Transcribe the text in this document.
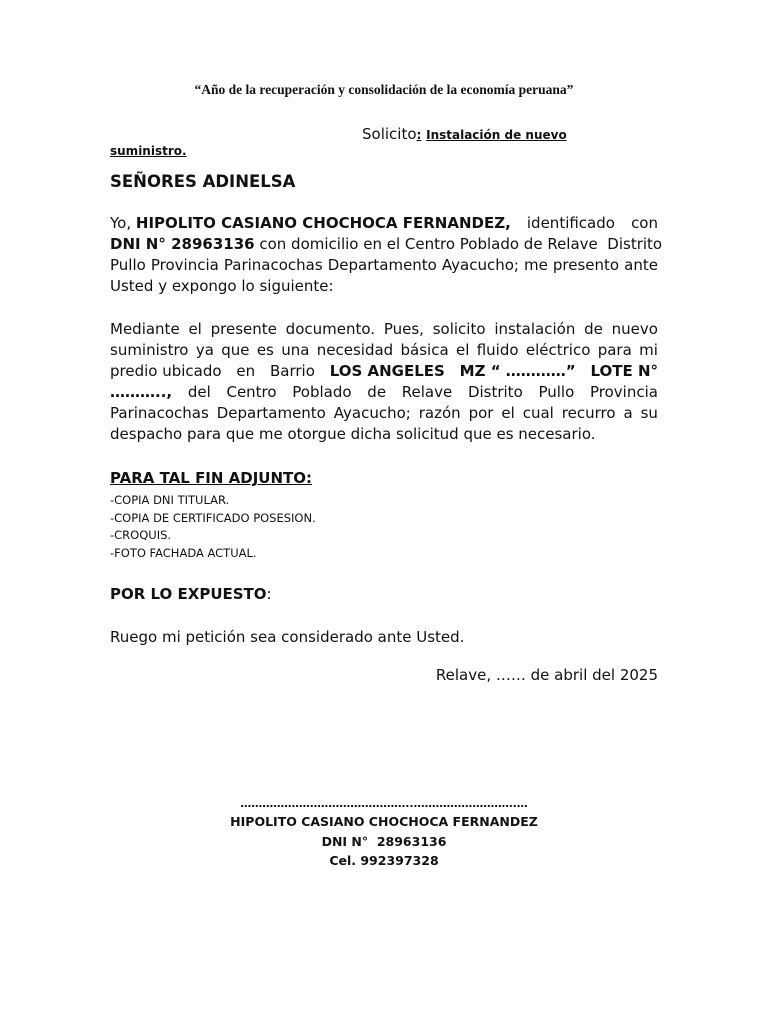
“Año de la recuperación y consolidación de la economía peruana”
Solicito: Instalación de nuevo
suministro.
SEÑORES ADINELSA
Yo, HIPOLITO CASIANO CHOCHOCA FERNANDEZ, identificado con
DNI N° 28963136 con domicilio en el Centro Poblado de Relave  Distrito
Pullo Provincia Parinacochas Departamento Ayacucho; me presento ante
Usted y expongo lo siguiente:
Mediante el presente documento. Pues, solicito instalación de nuevo
suministro ya que es una necesidad básica el fluido eléctrico para mi
predio ubicado en Barrio LOS ANGELES MZ “ …………” LOTE N°
……….., del Centro Poblado de Relave Distrito Pullo Provincia
Parinacochas Departamento Ayacucho; razón por el cual recurro a su
despacho para que me otorgue dicha solicitud que es necesario.
PARA TAL FIN ADJUNTO:
-COPIA DNI TITULAR.
-COPIA DE CERTIFICADO POSESION.
-CROQUIS.
-FOTO FACHADA ACTUAL.
POR LO EXPUESTO:
Ruego mi petición sea considerado ante Usted.
Relave, …… de abril del 2025
………………………………………..……………………….…
HIPOLITO CASIANO CHOCHOCA FERNANDEZ
DNI N°  28963136
Cel. 992397328
